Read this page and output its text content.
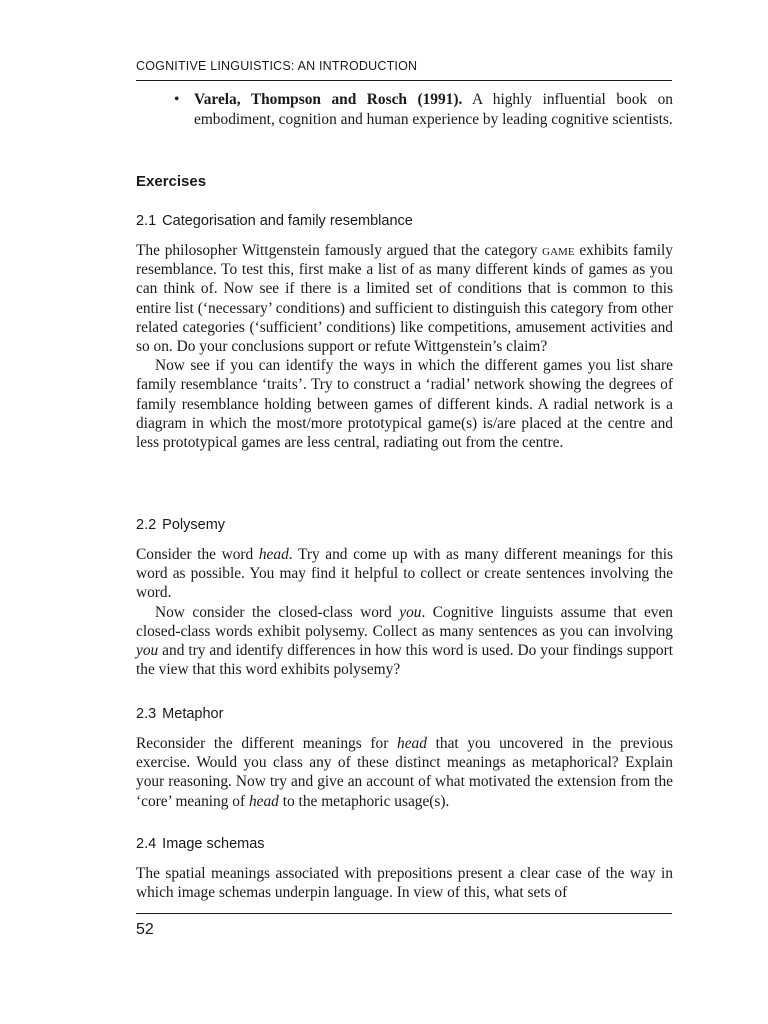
COGNITIVE LINGUISTICS: AN INTRODUCTION
• Varela, Thompson and Rosch (1991). A highly influential book on embodiment, cognition and human experience by leading cognitive scientists.
Exercises
2.1 Categorisation and family resemblance

The philosopher Wittgenstein famously argued that the category game exhibits family resemblance. To test this, first make a list of as many different kinds of games as you can think of. Now see if there is a limited set of conditions that is common to this entire list (‘necessary’ conditions) and sufficient to distinguish this category from other related categories (‘sufficient’ conditions) like competitions, amusement activities and so on. Do your conclusions support or refute Wittgenstein’s claim?

Now see if you can identify the ways in which the different games you list share family resemblance ‘traits’. Try to construct a ‘radial’ network showing the degrees of family resemblance holding between games of different kinds. A radial network is a diagram in which the most/more prototypical game(s) is/are placed at the centre and less prototypical games are less central, radiating out from the centre.

2.2 Polysemy

Consider the word head. Try and come up with as many different meanings for this word as possible. You may find it helpful to collect or create sentences involving the word.

Now consider the closed-class word you. Cognitive linguists assume that even closed-class words exhibit polysemy. Collect as many sentences as you can involving you and try and identify differences in how this word is used. Do your findings support the view that this word exhibits polysemy?

2.3 Metaphor

Reconsider the different meanings for head that you uncovered in the previous exercise. Would you class any of these distinct meanings as metaphorical? Explain your reasoning. Now try and give an account of what motivated the extension from the ‘core’ meaning of head to the metaphoric usage(s).

2.4 Image schemas

The spatial meanings associated with prepositions present a clear case of the way in which image schemas underpin language. In view of this, what sets of

52
